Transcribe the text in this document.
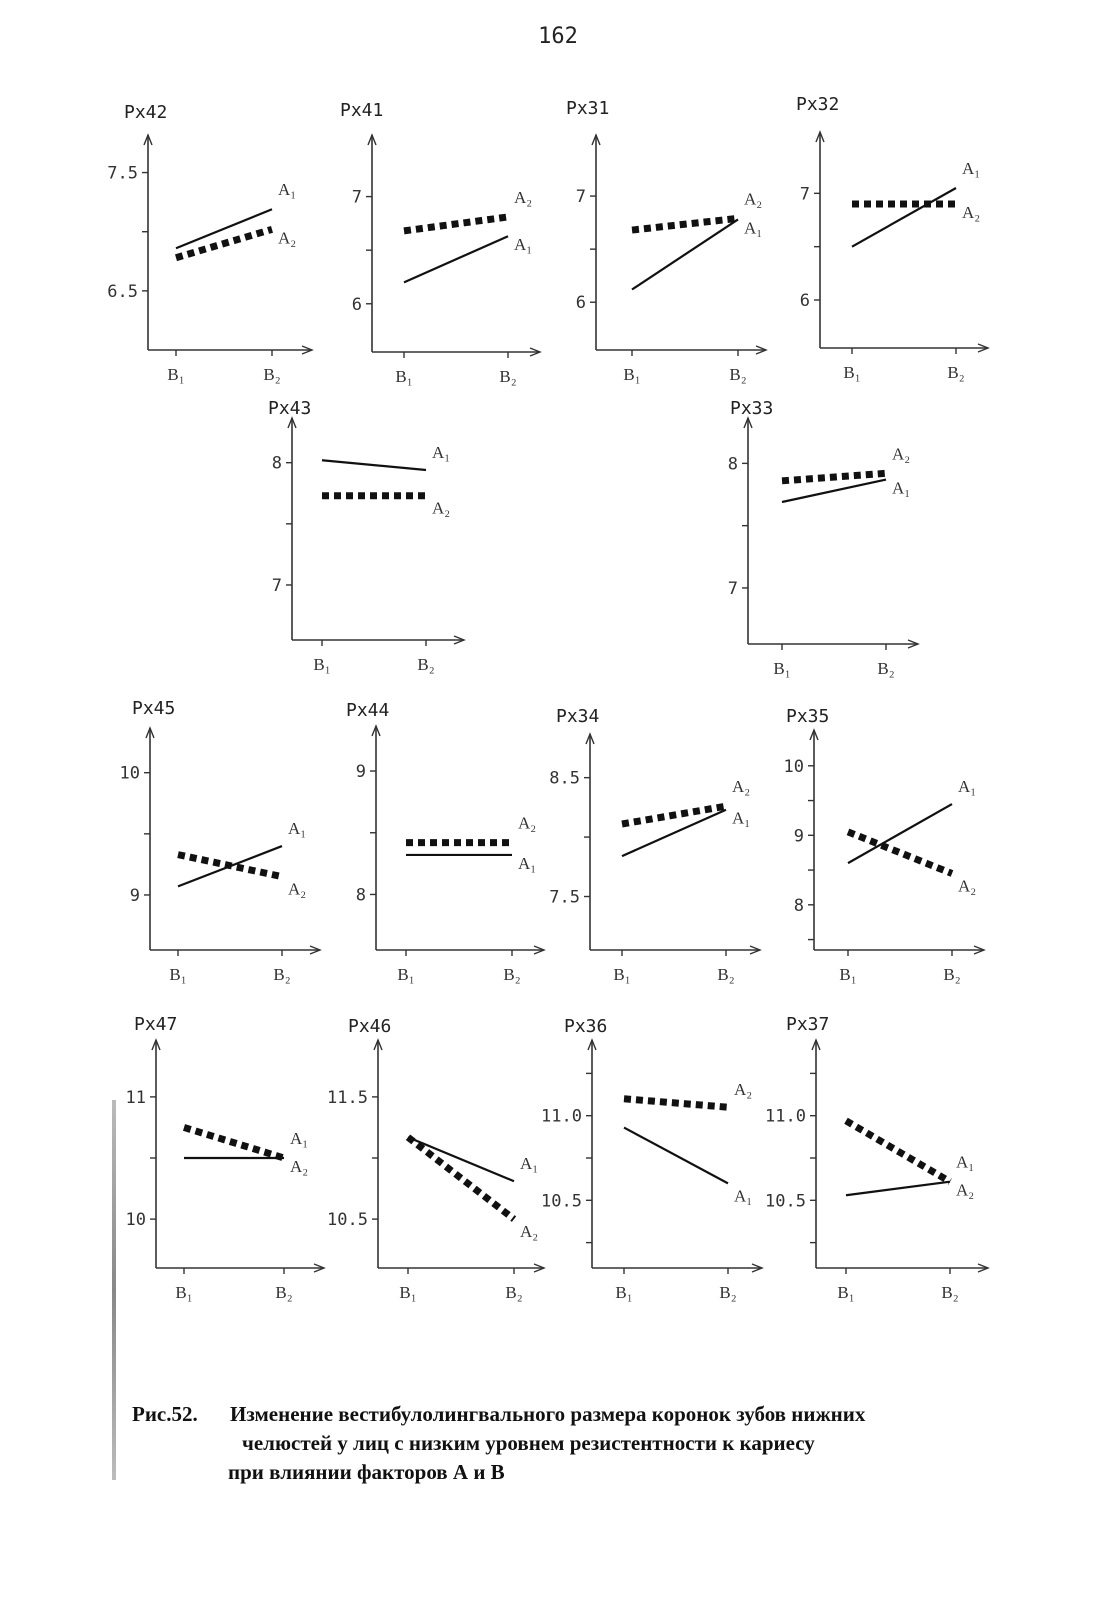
162
Px42
6.5
7.5
B₁	B₂
A₁
A₂
Px41
6
7
B₁	B₂
A₁
A₂
Px31
6
7
B₁	B₂
A₁
A₂
Px32
6
7
B₁	B₂
A₁
A₂
Px43
7
8
B₁	B₂
A₁
A₂
Px33
7
8
B₁	B₂
A₁
A₂
Px45
9
10
B₁	B₂
A₁
A₂
Px44
8
9
B₁	B₂
A₁
A₂
Px34
7.5
8.5
B₁	B₂
A₁
A₂
Px35
8
9
10
B₁	B₂
A₁
A₂
Px47
10
11
B₁	B₂
A₁
A₂
Px46
10.5
11.5
B₁	B₂
A₁
A₂
Px36
10.5
11.0
B₁	B₂
A₁
A₂
Px37
10.5
11.0
B₁	B₂
A₁
A₂
Рис.52. Изменение вестибулолингвального размера коронок зубов нижних
челюстей у лиц с низким уровнем резистентности к кариесу
при влиянии факторов А и В
